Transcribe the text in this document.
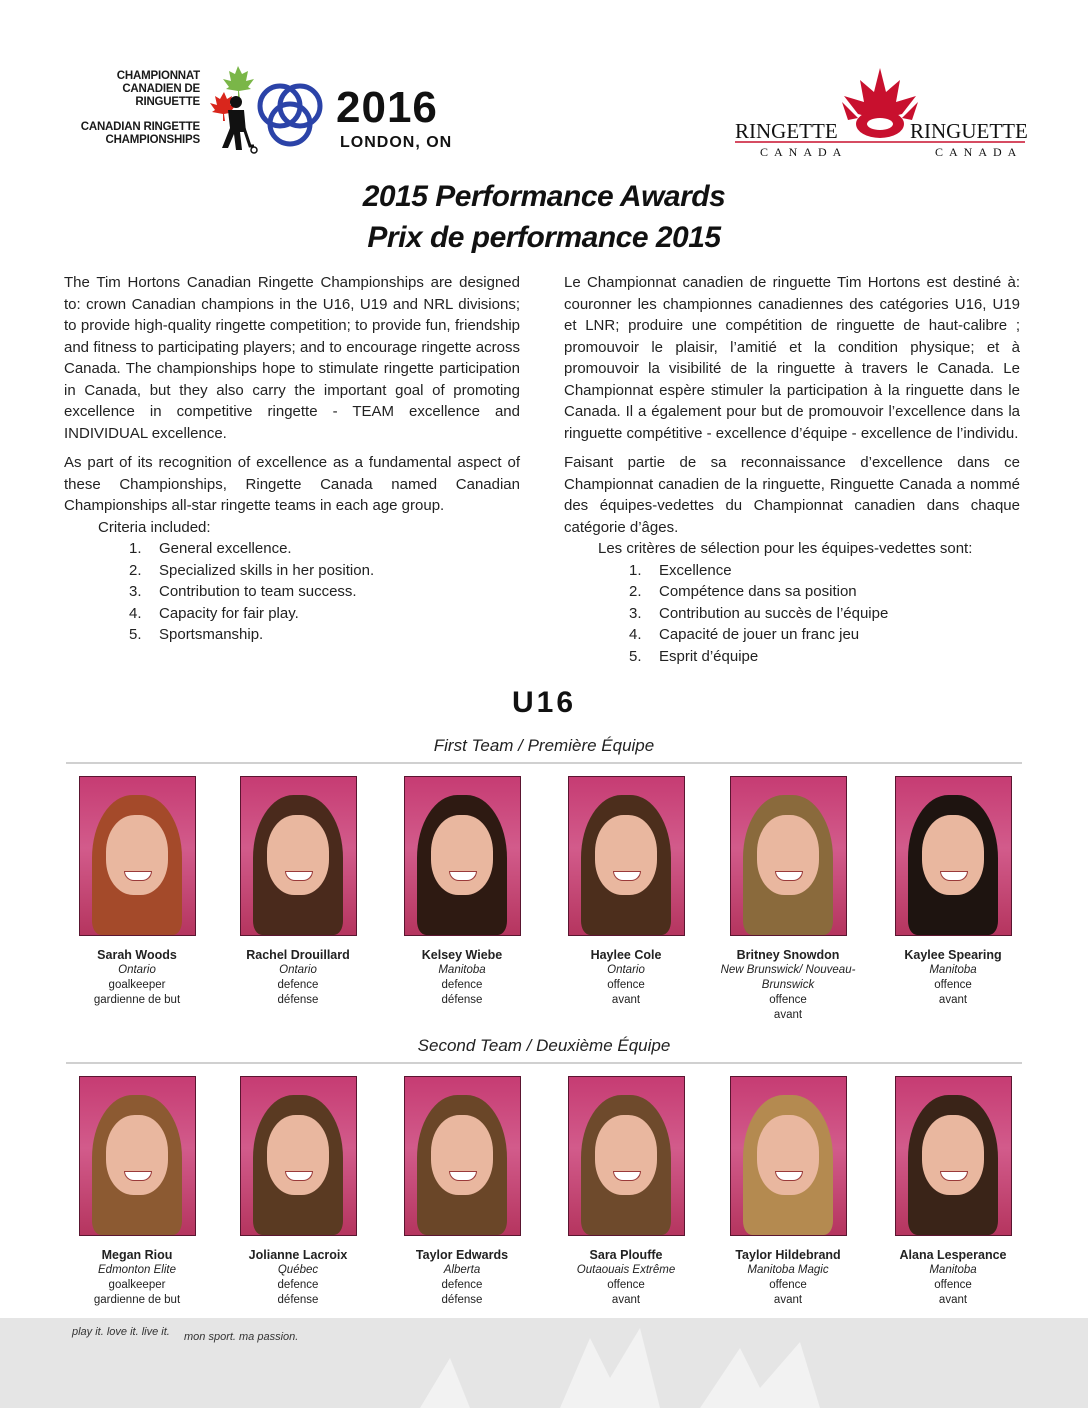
CHAMPIONNAT
CANADIEN DE RINGUETTE
CANADIAN RINGETTE
CHAMPIONSHIPS
2016
LONDON, ON	RINGETTE	RINGUETTE
CANADA	CANADA
2015 Performance Awards
Prix de performance 2015

The Tim Hortons Canadian Ringette Championships are designed to: crown Canadian champions in the U16, U19 and NRL divisions; to provide high-quality ringette competition; to provide fun, friendship and fitness to participating players; and to encourage ringette across Canada. The championships hope to stimulate ringette participation in Canada, but they also carry the important goal of promoting excellence in competitive ringette - TEAM excellence and INDIVIDUAL excellence.

As part of its recognition of excellence as a fundamental aspect of these Championships, Ringette Canada named Canadian Championships all-star ringette teams in each age group.

Criteria included:
1.	General excellence.
2.	Specialized skills in her position.
3.	Contribution to team success.
4.	Capacity for fair play.
5.	Sportsmanship.

Le Championnat canadien de ringuette Tim Hortons est destiné à: couronner les championnes canadiennes des catégories U16, U19 et LNR; produire une compétition de ringuette de haut-calibre ; promouvoir le plaisir, l’amitié et la condition physique; et à promouvoir la visibilité de la ringuette à travers le Canada. Le Championnat espère stimuler la participation à la ringuette dans le Canada. Il a également pour but de promouvoir l’excellence dans la ringuette compétitive - excellence d’équipe - excellence de l’individu.

Faisant partie de sa reconnaissance d’excellence dans ce Championnat canadien de la ringuette, Ringuette Canada a nommé des équipes-vedettes du Championnat canadien dans chaque catégorie d’âges.

Les critères de sélection pour les équipes-vedettes sont:
1.	Excellence
2.	Compétence dans sa position
3.	Contribution au succès de l’équipe
4.	Capacité de jouer un franc jeu
5.	Esprit d’équipe
U16
First Team / Première Équipe
Sarah Woods
Ontario
goalkeeper
gardienne de but
Rachel Drouillard
Ontario
defence
défense
Kelsey Wiebe
Manitoba
defence
défense
Haylee Cole
Ontario
offence
avant
Britney Snowdon
New Brunswick/ Nouveau-Brunswick
offence
avant
Kaylee Spearing
Manitoba
offence
avant
Second Team / Deuxième Équipe
Megan Riou
Edmonton Elite
goalkeeper
gardienne de but
Jolianne Lacroix
Québec
defence
défense
Taylor Edwards
Alberta
defence
défense
Sara Plouffe
Outaouais Extrême
offence
avant
Taylor Hildebrand
Manitoba Magic
offence
avant
Alana Lesperance
Manitoba
offence
avant
play it. love it. live it. mon sport. ma passion.
